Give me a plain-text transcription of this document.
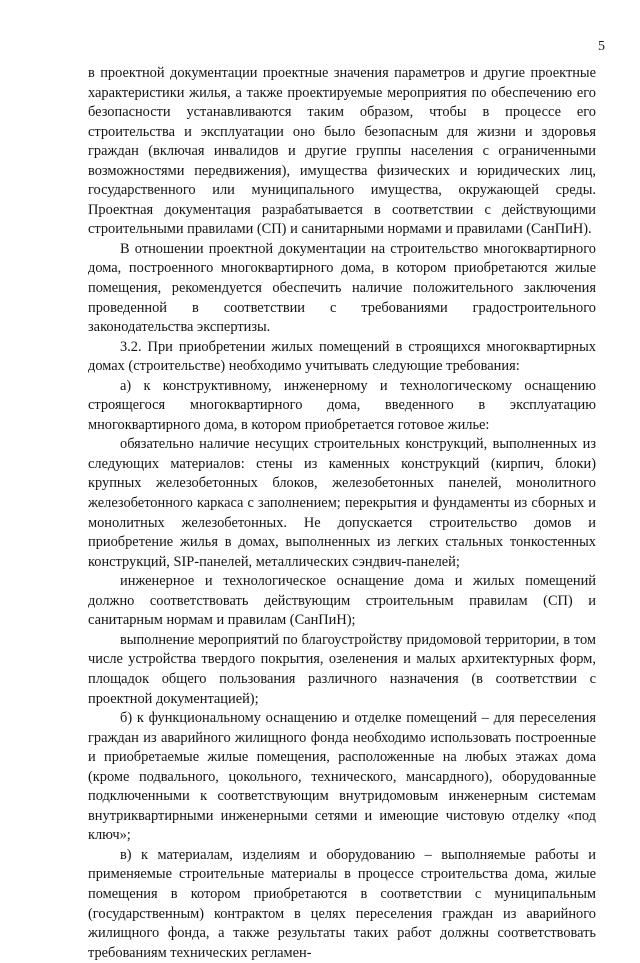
5

в проектной документации проектные значения параметров и другие проектные характеристики жилья, а также проектируемые мероприятия по обеспечению его безопасности устанавливаются таким образом, чтобы в процессе его строительства и эксплуатации оно было безопасным для жизни и здоровья граждан (включая инвалидов и другие группы населения с ограниченными возможностями передвижения), имущества физических и юридических лиц, государственного или муниципального имущества, окружающей среды. Проектная документация разрабатывается в соответствии с действующими строительными правилами (СП) и санитарными нормами и правилами (СанПиН).

В отношении проектной документации на строительство многоквартирного дома, построенного многоквартирного дома, в котором приобретаются жилые помещения, рекомендуется обеспечить наличие положительного заключения проведенной в соответствии с требованиями градостроительного законодательства экспертизы.

3.2. При приобретении жилых помещений в строящихся многоквартирных домах (строительстве) необходимо учитывать следующие требования:

а) к конструктивному, инженерному и технологическому оснащению строящегося многоквартирного дома, введенного в эксплуатацию многоквартирного дома, в котором приобретается готовое жилье:

обязательно наличие несущих строительных конструкций, выполненных из следующих материалов: стены из каменных конструкций (кирпич, блоки) крупных железобетонных блоков, железобетонных панелей, монолитного железобетонного каркаса с заполнением; перекрытия и фундаменты из сборных и монолитных железобетонных. Не допускается строительство домов и приобретение жилья в домах, выполненных из легких стальных тонкостенных конструкций, SIP-панелей, металлических сэндвич-панелей;

инженерное и технологическое оснащение дома и жилых помещений должно соответствовать действующим строительным правилам (СП) и санитарным нормам и правилам (СанПиН);

выполнение мероприятий по благоустройству придомовой территории, в том числе устройства твердого покрытия, озеленения и малых архитектурных форм, площадок общего пользования различного назначения (в соответствии с проектной документацией);

б) к функциональному оснащению и отделке помещений – для переселения граждан из аварийного жилищного фонда необходимо использовать построенные и приобретаемые жилые помещения, расположенные на любых этажах дома (кроме подвального, цокольного, технического, мансардного), оборудованные подключенными к соответствующим внутридомовым инженерным системам внутриквартирными инженерными сетями и имеющие чистовую отделку «под ключ»;

в) к материалам, изделиям и оборудованию – выполняемые работы и применяемые строительные материалы в процессе строительства дома, жилые помещения в котором приобретаются в соответствии с муниципальным (государственным) контрактом в целях переселения граждан из аварийного жилищного фонда, а также результаты таких работ должны соответствовать требованиям технических регламен-
